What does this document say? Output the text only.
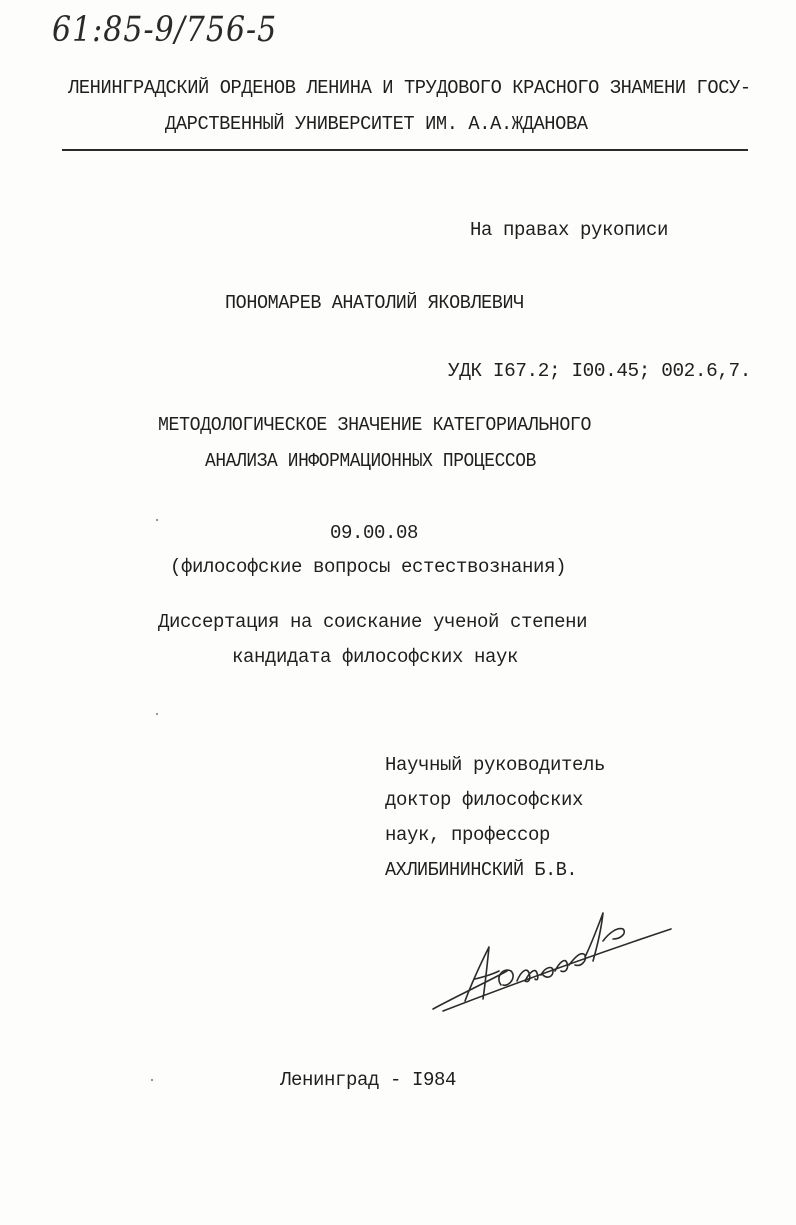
61:85-9/756-5
ЛЕНИНГРАДСКИЙ ОРДЕНОВ ЛЕНИНА И ТРУДОВОГО КРАСНОГО ЗНАМЕНИ ГОСУ-
ДАРСТВЕННЫЙ УНИВЕРСИТЕТ ИМ. А.А.ЖДАНОВА
На правах рукописи
ПОНОМАРЕВ АНАТОЛИЙ ЯКОВЛЕВИЧ
УДК I67.2; I00.45; 002.6,7.
МЕТОДОЛОГИЧЕСКОЕ ЗНАЧЕНИЕ КАТЕГОРИАЛЬНОГО
АНАЛИЗА ИНФОРМАЦИОННЫХ ПРОЦЕССОВ
09.00.08
(философские вопросы естествознания)
Диссертация на соискание ученой степени
кандидата философских наук
Научный руководитель
доктор философских
наук, профессор
АХЛИБИНИНСКИЙ Б.В.
Ленинград - I984
